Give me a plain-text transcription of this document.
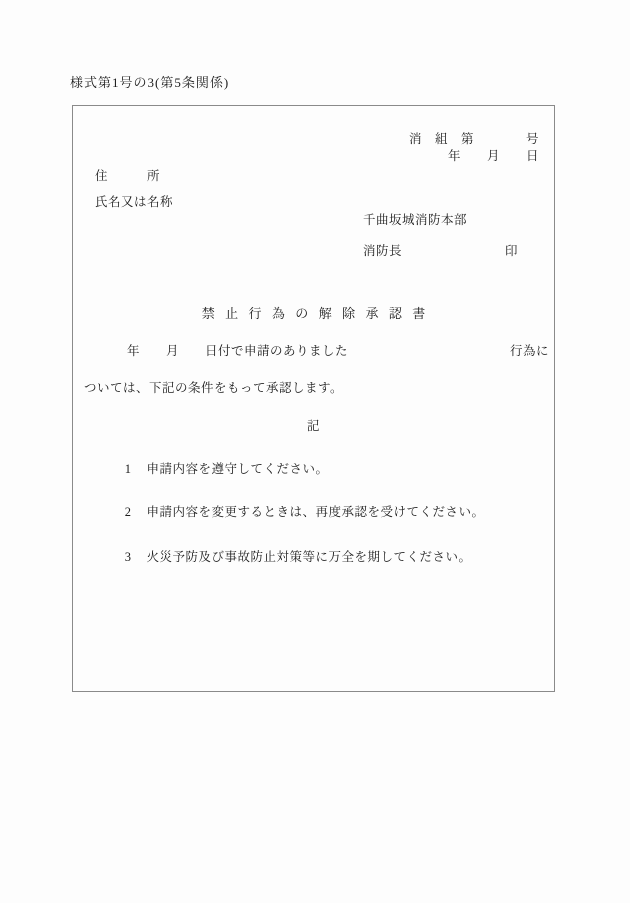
様式第1号の3(第5条関係)
消　組　第　　　　号
年　　月　　日
住　　　所
氏名又は名称
千曲坂城消防本部
消防長	印
禁止行為の解除承認書
年　　月　　日付で申請のありました	行為に
ついては、下記の条件をもって承認します。
記

1 申請内容を遵守してください。

2 申請内容を変更するときは、再度承認を受けてください。

3 火災予防及び事故防止対策等に万全を期してください。
